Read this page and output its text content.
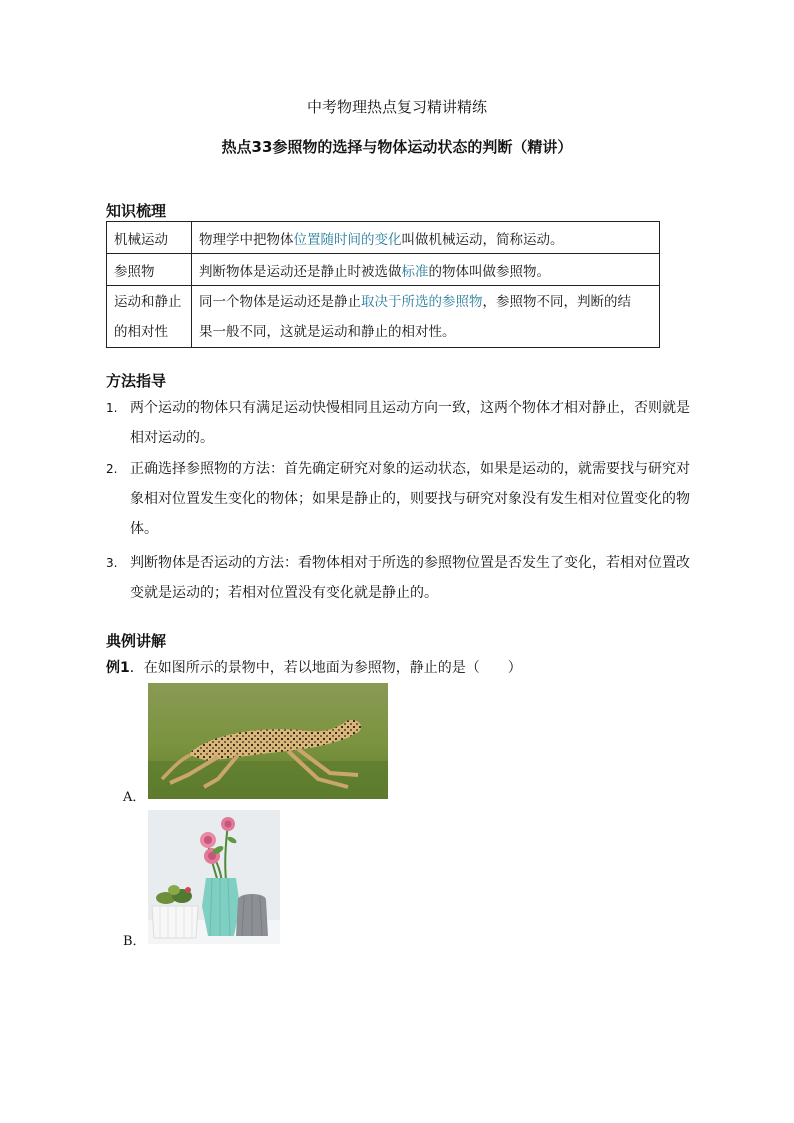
中考物理热点复习精讲精练
热点33参照物的选择与物体运动状态的判断（精讲）
知识梳理
机械运动	物理学中把物体位置随时间的变化叫做机械运动，简称运动。
参照物	判断物体是运动还是静止时被选做标准的物体叫做参照物。
运动和静止
的相对性	同一个物体是运动还是静止取决于所选的参照物，参照物不同，判断的结
果一般不同，这就是运动和静止的相对性。
方法指导
1. 两个运动的物体只有满足运动快慢相同且运动方向一致，这两个物体才相对静止，否则就是
相对运动的。
2. 正确选择参照物的方法：首先确定研究对象的运动状态，如果是运动的，就需要找与研究对
象相对位置发生变化的物体；如果是静止的，则要找与研究对象没有发生相对位置变化的物
体。
3. 判断物体是否运动的方法：看物体相对于所选的参照物位置是否发生了变化，若相对位置改
变就是运动的；若相对位置没有变化就是静止的。
典例讲解
例1．在如图所示的景物中，若以地面为参照物，静止的是（　　）
A．
B．
